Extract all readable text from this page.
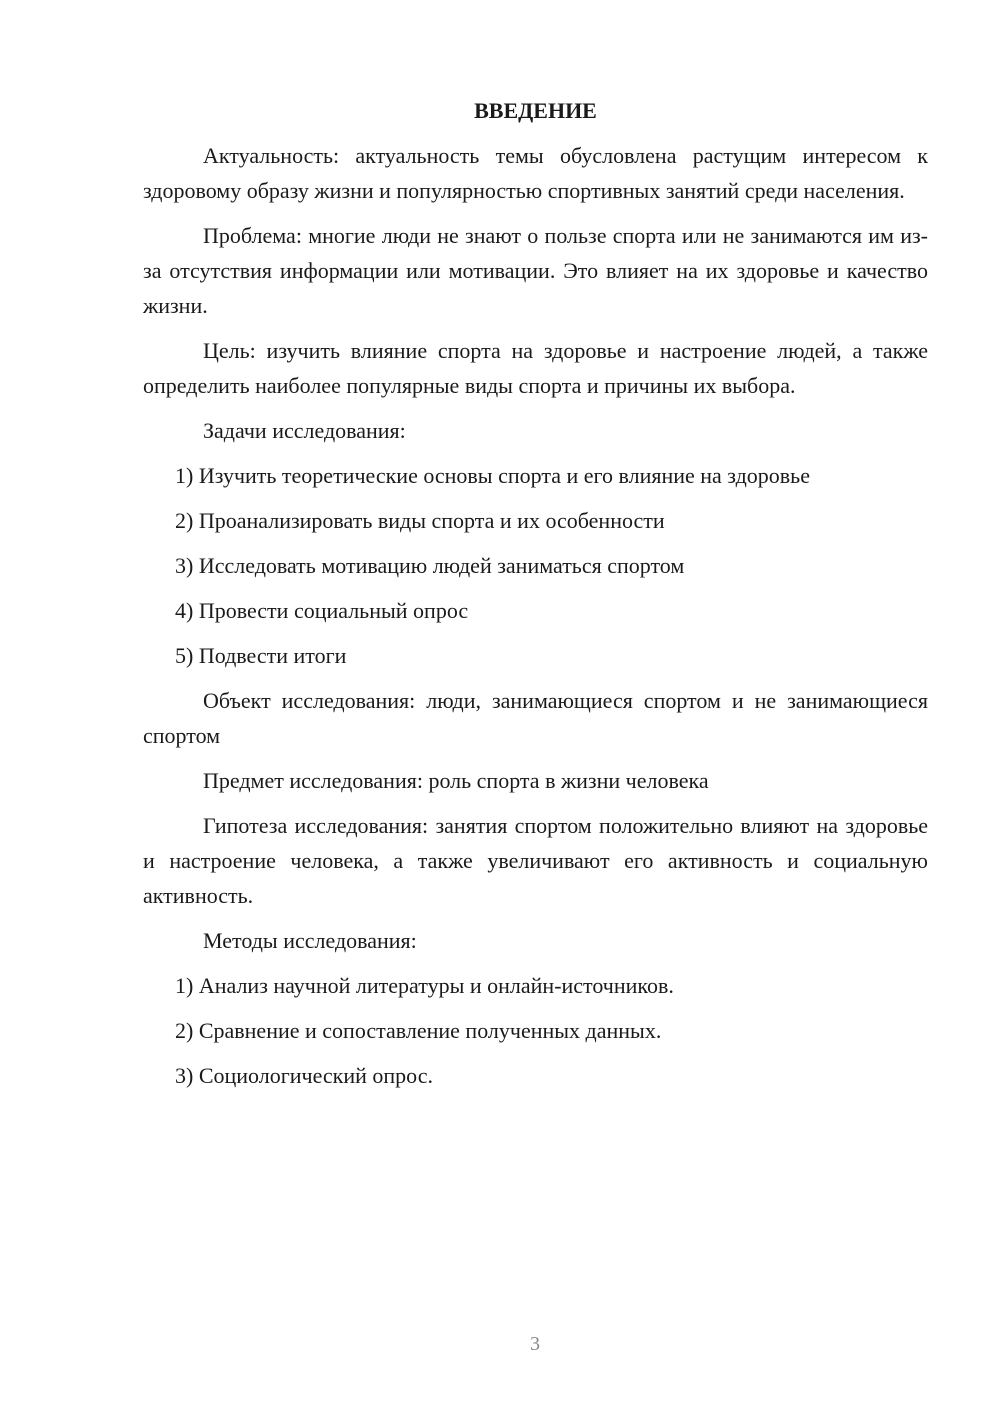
ВВЕДЕНИЕ

Актуальность: актуальность темы обусловлена растущим интересом к здоровому образу жизни и популярностью спортивных занятий среди населения.

Проблема: многие люди не знают о пользе спорта или не занимаются им из-за отсутствия информации или мотивации. Это влияет на их здоровье и качество жизни.

Цель: изучить влияние спорта на здоровье и настроение людей, а также определить наиболее популярные виды спорта и причины их выбора.

Задачи исследования:

1) Изучить теоретические основы спорта и его влияние на здоровье
2) Проанализировать виды спорта и их особенности
3) Исследовать мотивацию людей заниматься спортом
4) Провести социальный опрос
5) Подвести итоги

Объект исследования: люди, занимающиеся спортом и не занимающиеся спортом

Предмет исследования: роль спорта в жизни человека

Гипотеза исследования: занятия спортом положительно влияют на здоровье и настроение человека, а также увеличивают его активность и социальную активность.

Методы исследования:

1) Анализ научной литературы и онлайн-источников.
2) Сравнение и сопоставление полученных данных.
3) Социологический опрос.
3
